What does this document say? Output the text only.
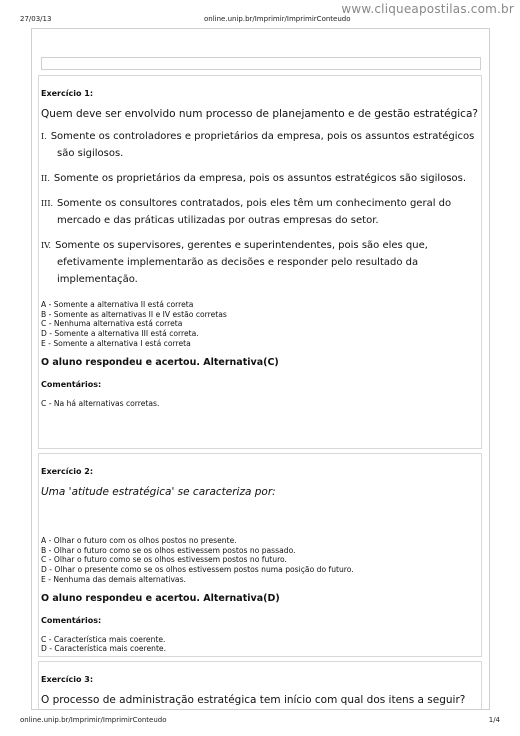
www.cliqueapostilas.com.br
27/03/13	online.unip.br/Imprimir/ImprimirConteudo
Exercício 1:
Quem deve ser envolvido num processo de planejamento e de gestão estratégica?
I. Somente os controladores e proprietários da empresa, pois os assuntos estratégicos são sigilosos.
II. Somente os proprietários da empresa, pois os assuntos estratégicos são sigilosos.
III. Somente os consultores contratados, pois eles têm um conhecimento geral do mercado e das práticas utilizadas por outras empresas do setor.
IV. Somente os supervisores, gerentes e superintendentes, pois são eles que, efetivamente implementarão as decisões e responder pelo resultado da implementação.
A - Somente a alternativa II está correta
B - Somente as alternativas II e IV estão corretas
C - Nenhuma alternativa está correta
D - Somente a alternativa III está correta.
E - Somente a alternativa I está correta
O aluno respondeu e acertou. Alternativa(C)
Comentários:
C - Na há alternativas corretas.
Exercício 2:
Uma 'atitude estratégica' se caracteriza por:
A - Olhar o futuro com os olhos postos no presente.
B - Olhar o futuro como se os olhos estivessem postos no passado.
C - Olhar o futuro como se os olhos estivessem postos no futuro.
D - Olhar o presente como se os olhos estivessem postos numa posição do futuro.
E - Nenhuma das demais alternativas.
O aluno respondeu e acertou. Alternativa(D)
Comentários:
C - Característica mais coerente.
D - Característica mais coerente.
Exercício 3:
O processo de administração estratégica tem início com qual dos itens a seguir?
online.unip.br/Imprimir/ImprimirConteudo	1/4
